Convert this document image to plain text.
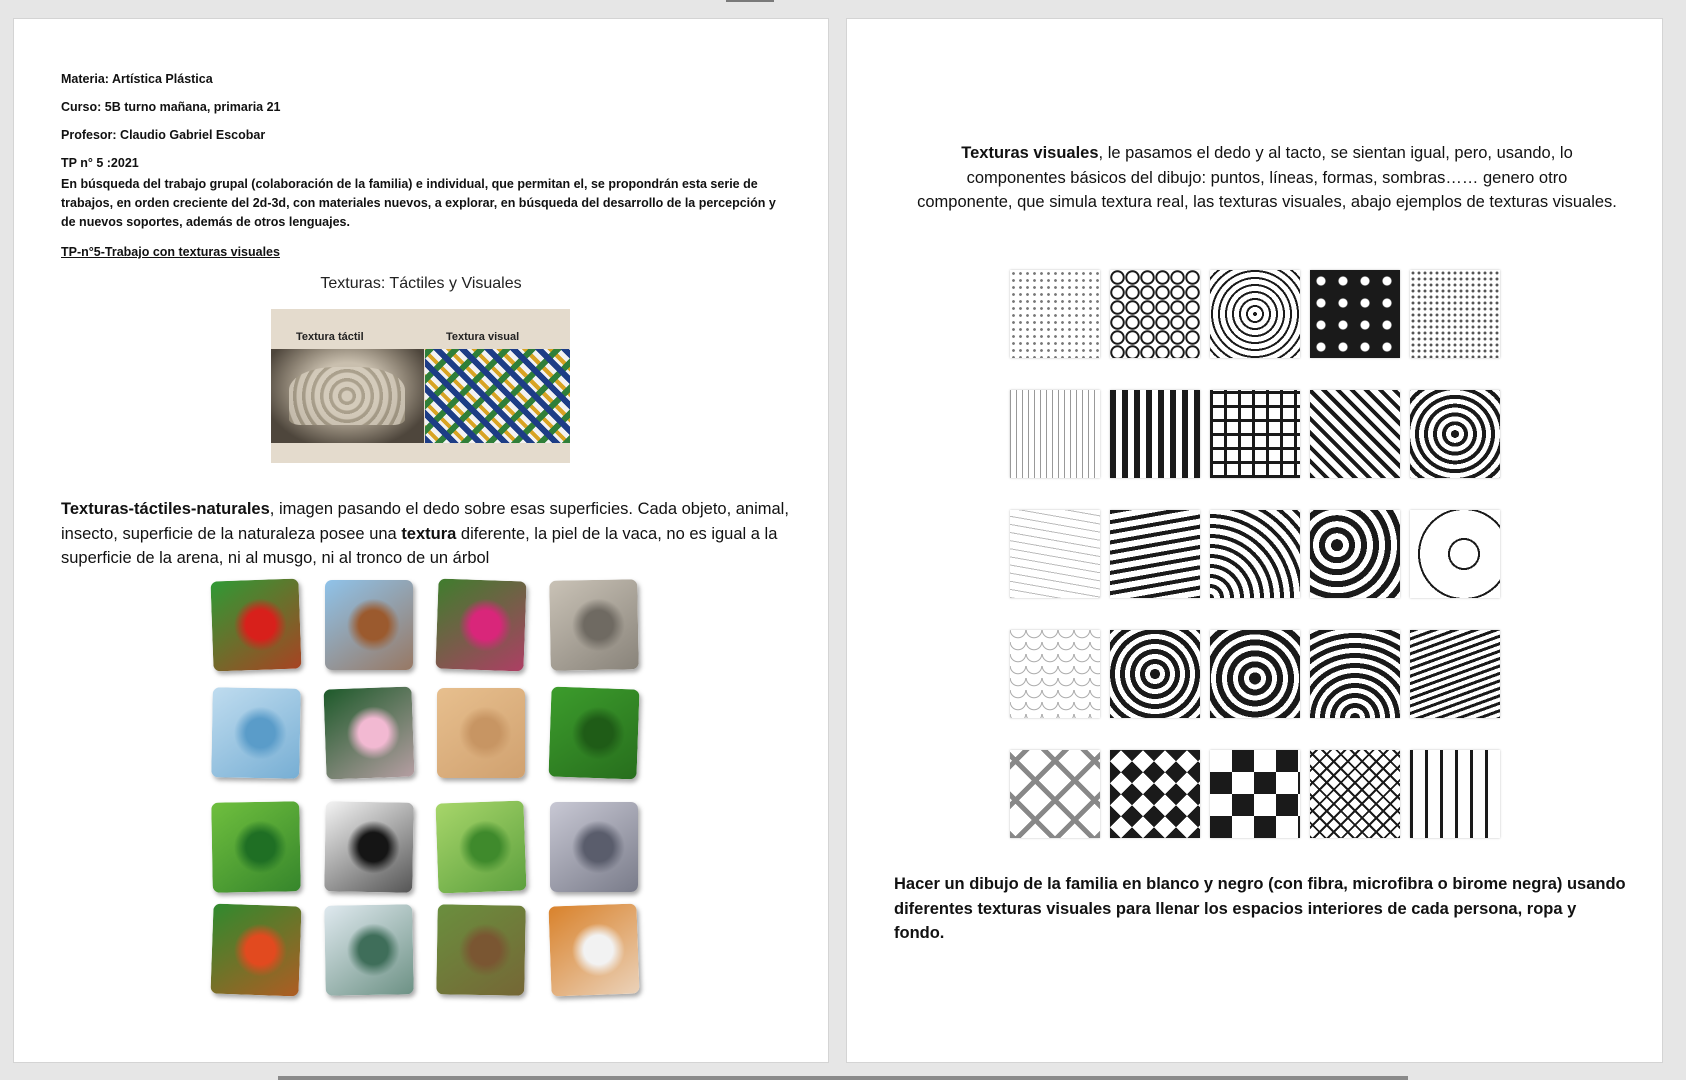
Materia: Artística Plástica
Curso: 5B turno mañana, primaria 21
Profesor: Claudio Gabriel Escobar
TP n° 5 :2021
En búsqueda del trabajo grupal (colaboración de la familia) e individual, que permitan el, se propondrán esta serie de trabajos, en orden creciente del 2d-3d, con materiales nuevos, a explorar, en búsqueda del desarrollo de la percepción y de nuevos soportes, además de otros lenguajes.
TP-n°5-Trabajo con texturas visuales
Texturas: Táctiles y Visuales
Textura táctil	Textura visual
Texturas-táctiles-naturales, imagen pasando el dedo sobre esas superficies. Cada objeto, animal, insecto, superficie de la naturaleza posee una textura diferente, la piel de la vaca, no es igual a la superficie de la arena, ni al musgo, ni al tronco de un árbol
Texturas visuales, le pasamos el dedo y al tacto, se sientan igual, pero, usando, lo componentes básicos del dibujo: puntos, líneas, formas, sombras…… genero otro componente, que simula textura real, las texturas visuales, abajo ejemplos de texturas visuales.
Hacer un dibujo de la familia en blanco y negro (con fibra, microfibra o birome negra) usando diferentes texturas visuales para llenar los espacios interiores de cada persona, ropa y fondo.
